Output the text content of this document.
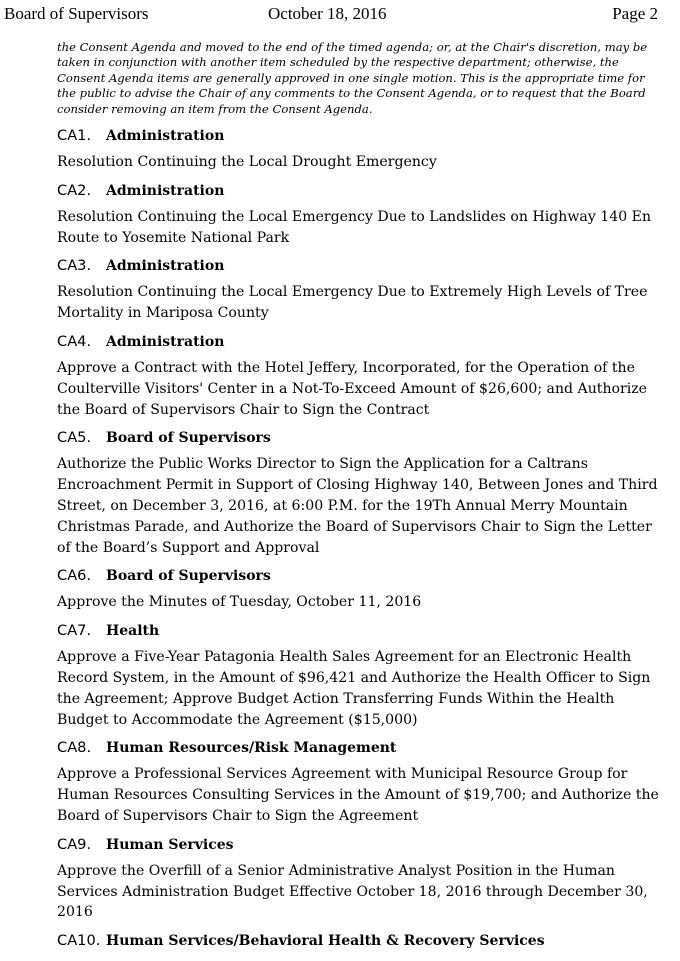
Board of Supervisors	October 18, 2016	Page 2
the Consent Agenda and moved to the end of the timed agenda; or, at the Chair's discretion, may be taken in conjunction with another item scheduled by the respective department; otherwise, the Consent Agenda items are generally approved in one single motion. This is the appropriate time for the public to advise the Chair of any comments to the Consent Agenda, or to request that the Board consider removing an item from the Consent Agenda.
CA1. Administration
Resolution Continuing the Local Drought Emergency
CA2. Administration
Resolution Continuing the Local Emergency Due to Landslides on Highway 140 En Route to Yosemite National Park
CA3. Administration
Resolution Continuing the Local Emergency Due to Extremely High Levels of Tree Mortality in Mariposa County
CA4. Administration
Approve a Contract with the Hotel Jeffery, Incorporated, for the Operation of the Coulterville Visitors' Center in a Not-To-Exceed Amount of $26,600; and Authorize the Board of Supervisors Chair to Sign the Contract
CA5. Board of Supervisors
Authorize the Public Works Director to Sign the Application for a Caltrans Encroachment Permit in Support of Closing Highway 140, Between Jones and Third Street, on December 3, 2016, at 6:00 P.M. for the 19Th Annual Merry Mountain Christmas Parade, and Authorize the Board of Supervisors Chair to Sign the Letter of the Board’s Support and Approval
CA6. Board of Supervisors
Approve the Minutes of Tuesday, October 11, 2016
CA7. Health
Approve a Five-Year Patagonia Health Sales Agreement for an Electronic Health Record System, in the Amount of $96,421 and Authorize the Health Officer to Sign the Agreement; Approve Budget Action Transferring Funds Within the Health Budget to Accommodate the Agreement ($15,000)
CA8. Human Resources/Risk Management
Approve a Professional Services Agreement with Municipal Resource Group for Human Resources Consulting Services in the Amount of $19,700; and Authorize the Board of Supervisors Chair to Sign the Agreement
CA9. Human Services
Approve the Overfill of a Senior Administrative Analyst Position in the Human Services Administration Budget Effective October 18, 2016 through December 30, 2016
CA10. Human Services/Behavioral Health & Recovery Services
